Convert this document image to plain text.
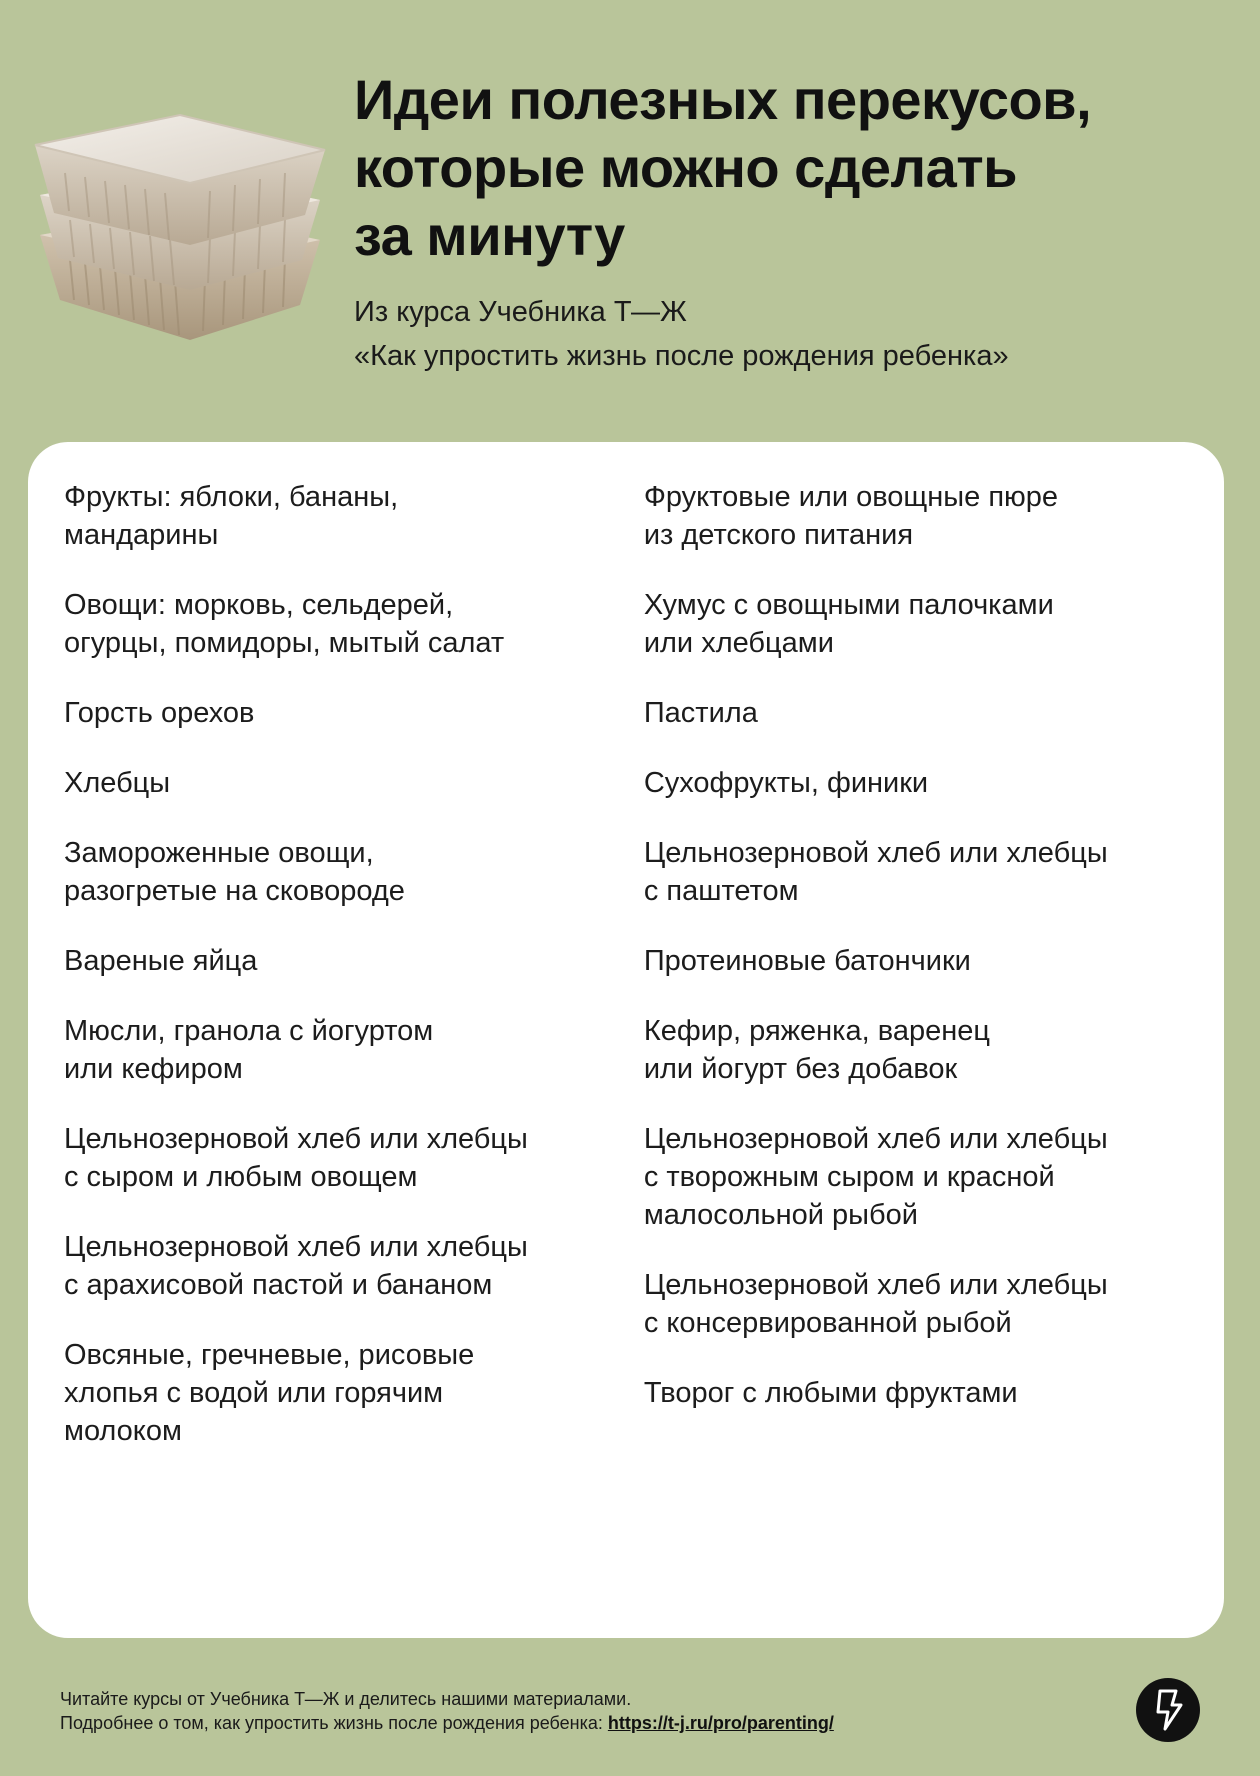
Идеи полезных перекусов,
которые можно сделать
за минуту
Из курса Учебника Т—Ж
«Как упростить жизнь после рождения ребенка»
Фрукты: яблоки, бананы,
мандарины
Овощи: морковь, сельдерей,
огурцы, помидоры, мытый салат
Горсть орехов
Хлебцы
Замороженные овощи,
разогретые на сковороде
Вареные яйца
Мюсли, гранола с йогуртом
или кефиром
Цельнозерновой хлеб или хлебцы
с сыром и любым овощем
Цельнозерновой хлеб или хлебцы
с арахисовой пастой и бананом
Овсяные, гречневые, рисовые
хлопья с водой или горячим
молоком
Фруктовые или овощные пюре
из детского питания
Хумус с овощными палочками
или хлебцами
Пастила
Сухофрукты, финики
Цельнозерновой хлеб или хлебцы
с паштетом
Протеиновые батончики
Кефир, ряженка, варенец
или йогурт без добавок
Цельнозерновой хлеб или хлебцы
с творожным сыром и красной
малосольной рыбой
Цельнозерновой хлеб или хлебцы
с консервированной рыбой
Творог с любыми фруктами
Читайте курсы от Учебника Т—Ж и делитесь нашими материалами.
Подробнее о том, как упростить жизнь после рождения ребенка: https://t-j.ru/pro/parenting/
